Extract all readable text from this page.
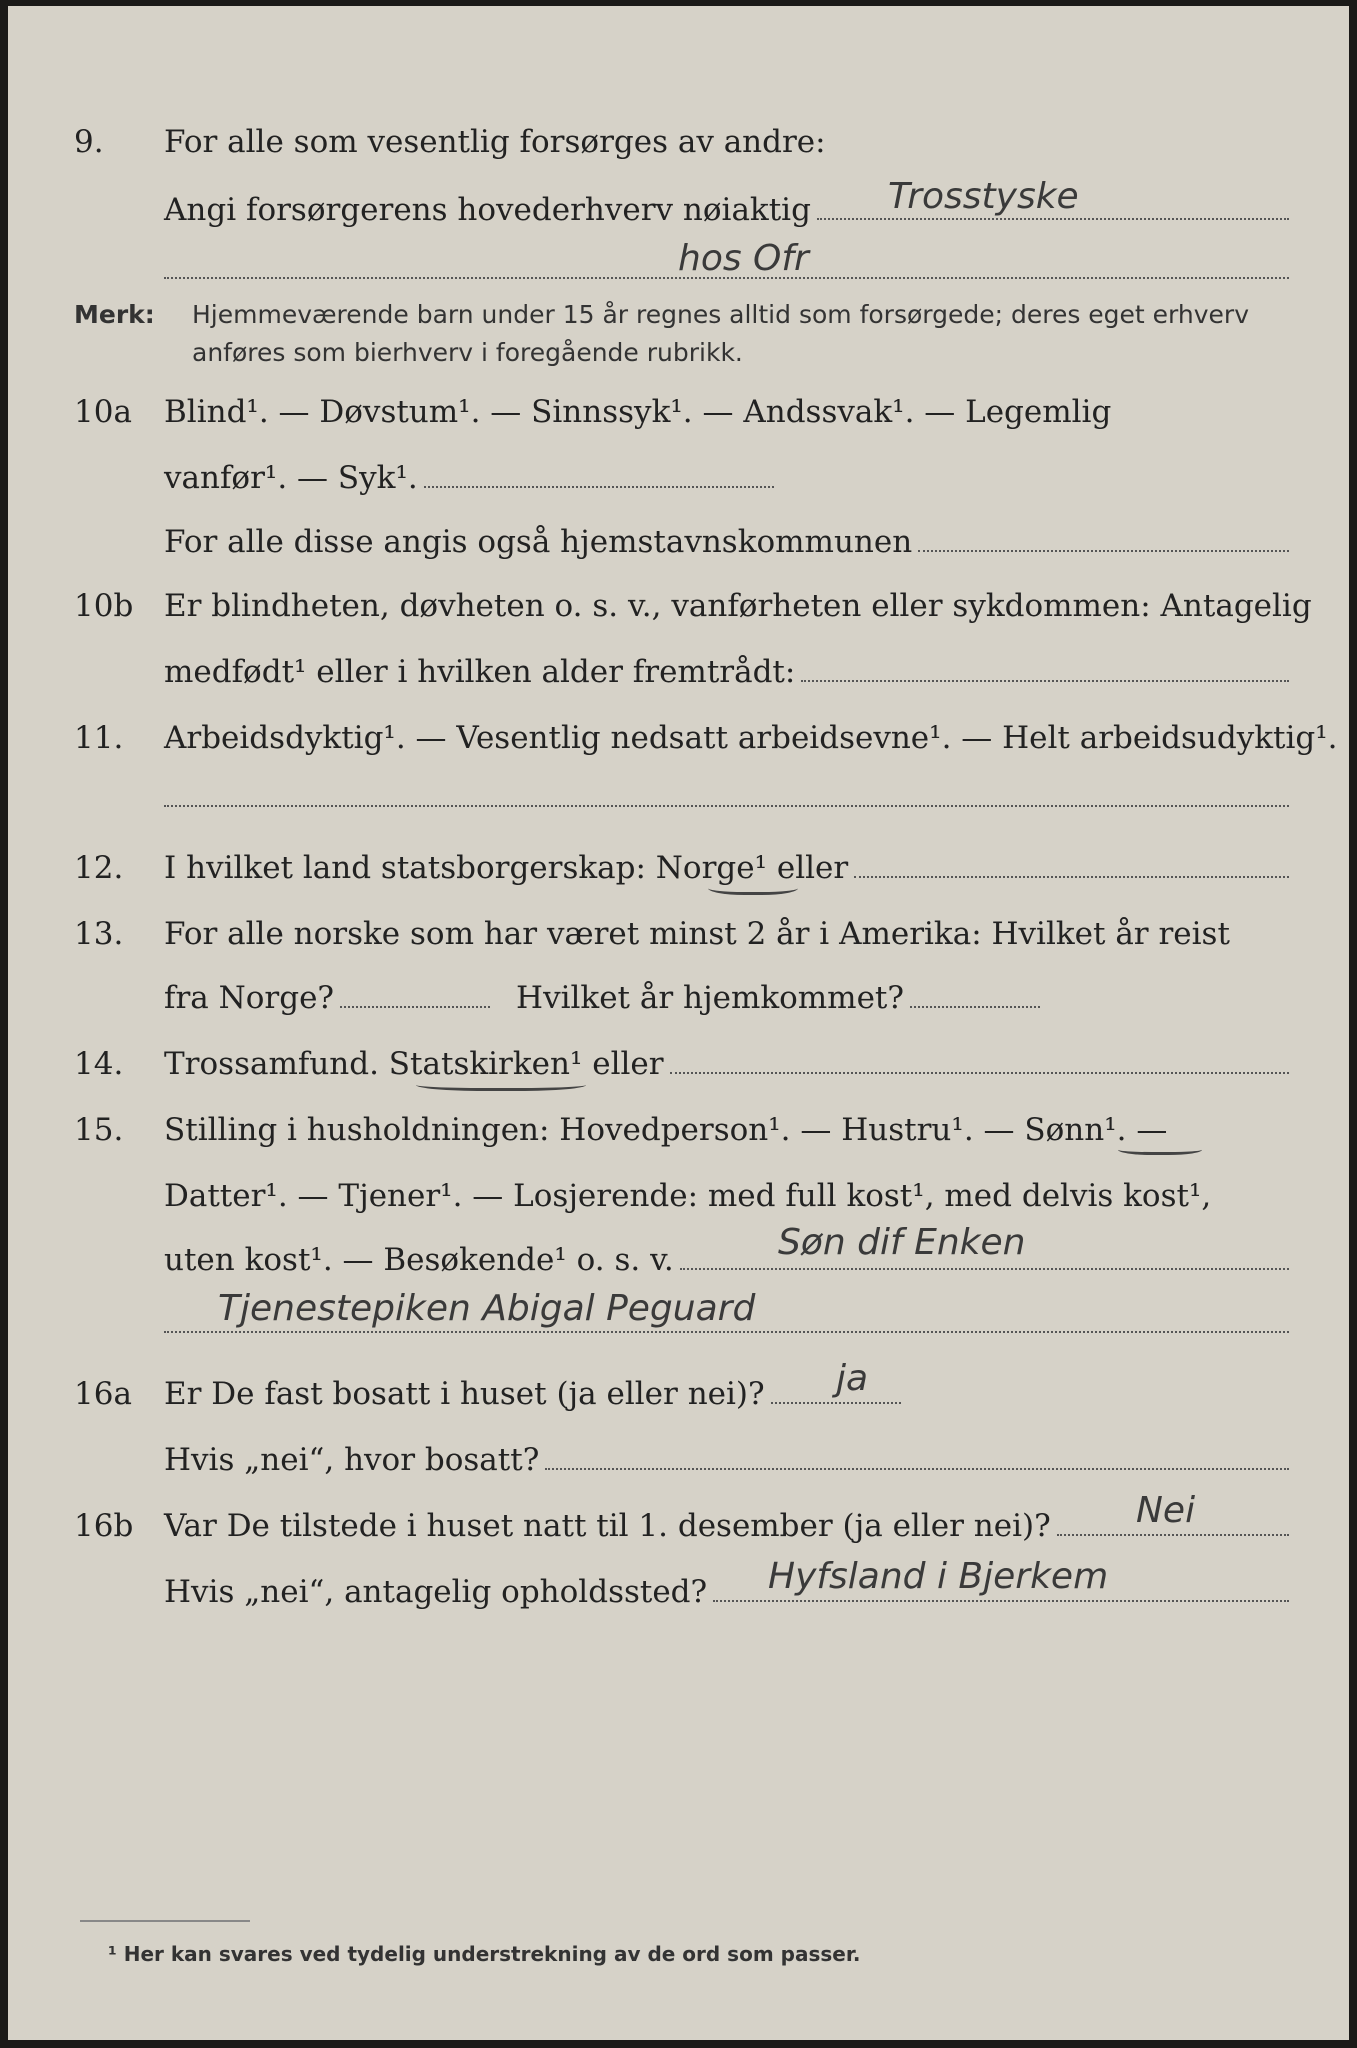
9. For alle som vesentlig forsørges av andre:
Angi forsørgerens hovederhverv nøiaktig Trosstyske
hos Ofr
Merk: Hjemmeværende barn under 15 år regnes alltid som forsørgede; deres eget erhverv anføres som bierhverv i foregående rubrikk.
10a Blind¹. — Døvstum¹. — Sinnssyk¹. — Andssvak¹. — Legemlig
vanfør¹. — Syk¹.
For alle disse angis også hjemstavnskommunen
10b Er blindheten, døvheten o. s. v., vanførheten eller sykdommen: Antagelig
medfødt¹ eller i hvilken alder fremtrådt:
11. Arbeidsdyktig¹. — Vesentlig nedsatt arbeidsevne¹. — Helt arbeidsudyktig¹.
12. I hvilket land statsborgerskap: Norge¹ eller
13. For alle norske som har været minst 2 år i Amerika: Hvilket år reist
fra Norge?	Hvilket år hjemkommet?
14. Trossamfund. Statskirken¹ eller
15. Stilling i husholdningen: Hovedperson¹. — Hustru¹. — Sønn¹. —
Datter¹. — Tjener¹. — Losjerende: med full kost¹, med delvis kost¹,
uten kost¹. — Besøkende¹ o. s. v.	Søn dif Enken
Tjenestepiken Abigal Peguard
16a Er De fast bosatt i huset (ja eller nei)? ja
Hvis „nei“, hvor bosatt?
16b Var De tilstede i huset natt til 1. desember (ja eller nei)? Nei
Hvis „nei“, antagelig opholdssted? Hyfsland i Bjerkem
¹ Her kan svares ved tydelig understrekning av de ord som passer.
